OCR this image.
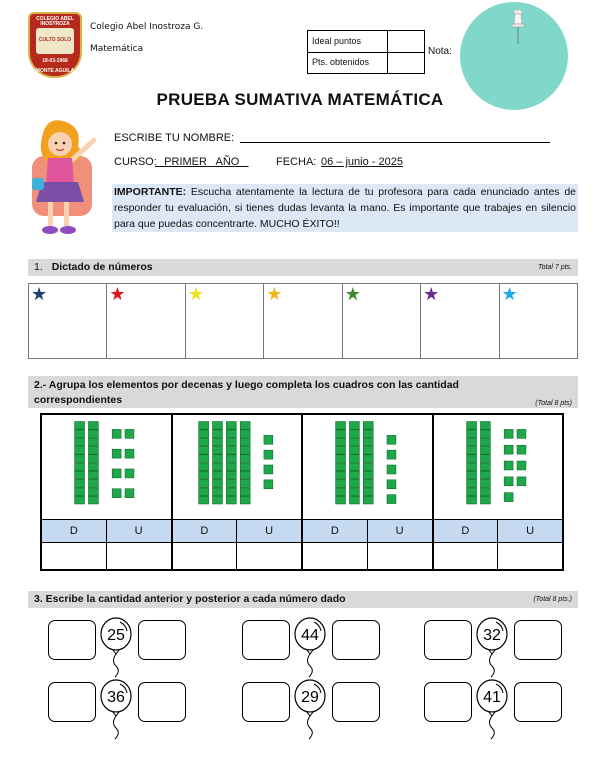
COLEGIO ABEL INOSTROZA
CULTO SOLO
18-03-1968
MONTE AGUILA
Colegio Abel Inostroza G.
Matemática
Ideal puntos
Pts. obtenidos
Nota:
PRUEBA SUMATIVA MATEMÁTICA
ESCRIBE TU NOMBRE:
CURSO:
PRIMER   AÑO FECHA: 06 – junio - 2025
IMPORTANTE: Escucha atentamente la lectura de tu profesora para cada enunciado antes de responder tu evaluación, si tienes dudas levanta la mano. Es importante que trabajes en silencio para que puedas concentrarte. MUCHO ÉXITO!!
1. Dictado de números	Total 7 pts.
★	★	★	★	★	★	★
2.- Agrupa los elementos por decenas y luego completa los cuadros con las cantidad correspondientes	(Total 8 pts)
D	U	D	U	D	U	D	U
3. Escribe la cantidad anterior y posterior a cada número dado	(Total 8 pts.)
25	44	32
36	29	41
